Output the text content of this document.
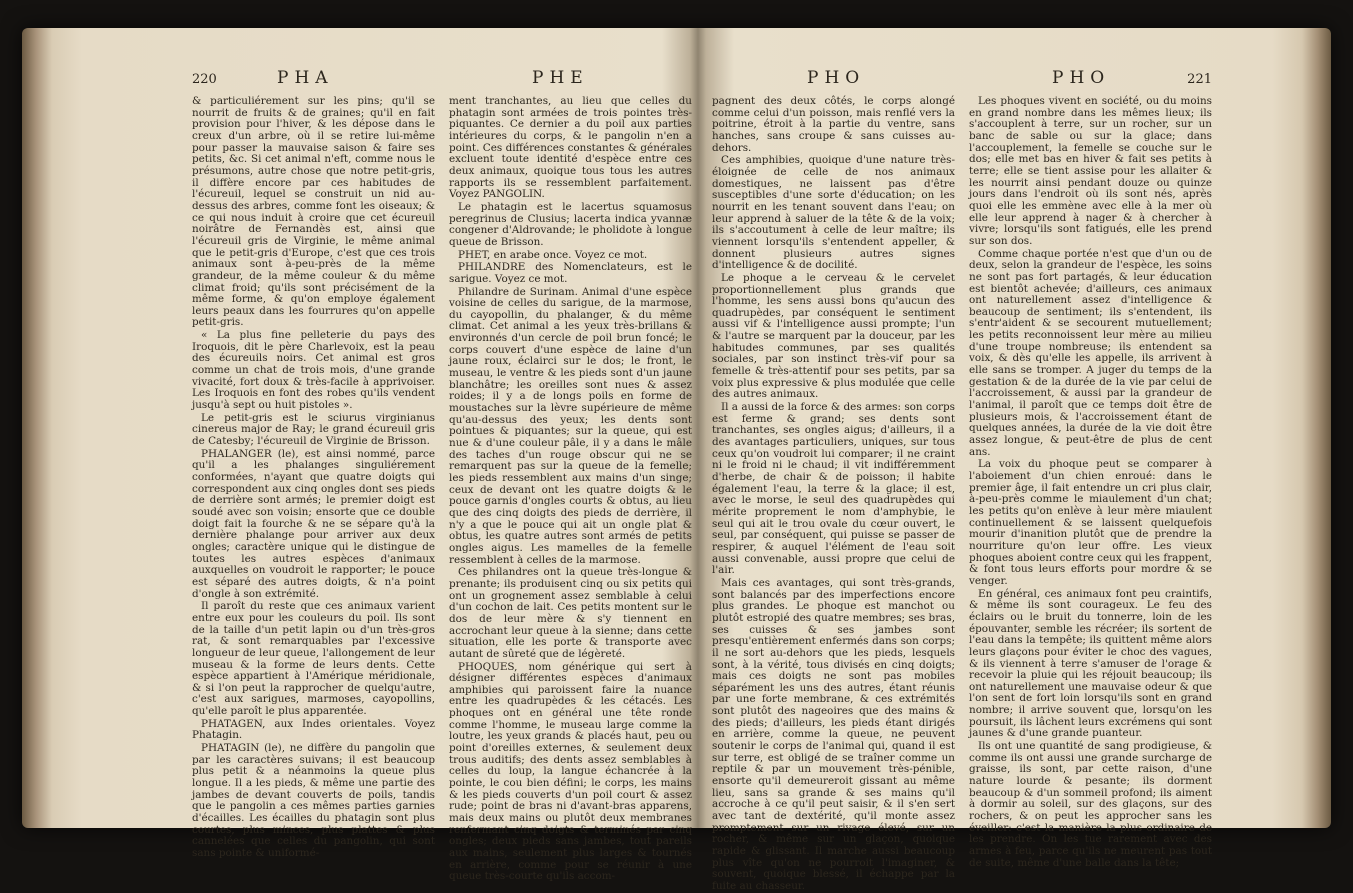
220	PHA	PHE

& particuliérement sur les pins; qu'il se nourrit de fruits & de graines; qu'il en fait provision pour l'hiver, & les dépose dans le creux d'un arbre, où il se retire lui-même pour passer la mauvaise saison & faire ses petits, &c. Si cet animal n'eft, comme nous le présumons, autre chose que notre petit-gris, il diffère encore par ces habitudes de l'écureuil, lequel se construit un nid au-dessus des arbres, comme font les oiseaux; & ce qui nous induit à croire que cet écureuil noirâtre de Fernandès est, ainsi que l'écureuil gris de Virginie, le même animal que le petit-gris d'Europe, c'est que ces trois animaux sont à-peu-près de la même grandeur, de la même couleur & du même climat froid; qu'ils sont précisément de la même forme, & qu'on employe également leurs peaux dans les fourrures qu'on appelle petit-gris.

« La plus fine pelleterie du pays des Iroquois, dit le père Charlevoix, est la peau des écureuils noirs. Cet animal est gros comme un chat de trois mois, d'une grande vivacité, fort doux & très-facile à apprivoiser. Les Iroquois en font des robes qu'ils vendent jusqu'à sept ou huit pistoles ».

Le petit-gris est le sciurus virginianus cinereus major de Ray; le grand écureuil gris de Catesby; l'écureuil de Virginie de Brisson.

PHALANGER (le), est ainsi nommé, parce qu'il a les phalanges singuliérement conformées, n'ayant que quatre doigts qui correspondent aux cinq ongles dont ses pieds de derrière sont armés; le premier doigt est soudé avec son voisin; ensorte que ce double doigt fait la fourche & ne se sépare qu'à la dernière phalange pour arriver aux deux ongles; caractère unique qui le distingue de toutes les autres espèces d'animaux auxquelles on voudroit le rapporter; le pouce est séparé des autres doigts, & n'a point d'ongle à son extrémité.

Il paroît du reste que ces animaux varient entre eux pour les couleurs du poil. Ils sont de la taille d'un petit lapin ou d'un très-gros rat, & sont remarquables par l'excessive longueur de leur queue, l'allongement de leur museau & la forme de leurs dents. Cette espèce appartient à l'Amérique méridionale, & si l'on peut la rapprocher de quelqu'autre, c'est aux sarigues, marmoses, cayopollins, qu'elle paroît le plus apparentée.

PHATAGEN, aux Indes orientales. Voyez Phatagin.

PHATAGIN (le), ne diffère du pangolin que par les caractères suivans; il est beaucoup plus petit & a néanmoins la queue plus longue. Il a les pieds, & même une partie des jambes de devant couverts de poils, tandis que le pangolin a ces mêmes parties garnies d'écailles. Les écailles du phatagin sont plus courtes, plus minces, plus plattes & plus cannelées que celles du pangolin, qui sont sans pointe & uniformé-

ment tranchantes, au lieu que celles du phatagin sont armées de trois pointes très-piquantes. Ce dernier a du poil aux parties intérieures du corps, & le pangolin n'en a point. Ces différences constantes & générales excluent toute identité d'espèce entre ces deux animaux, quoique tous tous les autres rapports ils se ressemblent parfaitement. Voyez PANGOLIN.

Le phatagin est le lacertus squamosus peregrinus de Clusius; lacerta indica yvannæ congener d'Aldrovande; le pholidote à longue queue de Brisson.

PHET, en arabe once. Voyez ce mot.

PHILANDRE des Nomenclateurs, est le sarigue. Voyez ce mot.

Philandre de Surinam. Animal d'une espèce voisine de celles du sarigue, de la marmose, du cayopollin, du phalanger, & du même climat. Cet animal a les yeux très-brillans & environnés d'un cercle de poil brun foncé; le corps couvert d'une espèce de laine d'un jaune roux, éclairci sur le dos; le front, le museau, le ventre & les pieds sont d'un jaune blanchâtre; les oreilles sont nues & assez roides; il y a de longs poils en forme de moustaches sur la lèvre supérieure de même qu'au-dessus des yeux; les dents sont pointues & piquantes; sur la queue, qui est nue & d'une couleur pâle, il y a dans le mâle des taches d'un rouge obscur qui ne se remarquent pas sur la queue de la femelle; les pieds ressemblent aux mains d'un singe; ceux de devant ont les quatre doigts & le pouce garnis d'ongles courts & obtus, au lieu que des cinq doigts des pieds de derrière, il n'y a que le pouce qui ait un ongle plat & obtus, les quatre autres sont armés de petits ongles aigus. Les mamelles de la femelle ressemblent à celles de la marmose.

Ces philandres ont la queue très-longue & prenante; ils produisent cinq ou six petits qui ont un grognement assez semblable à celui d'un cochon de lait. Ces petits montent sur le dos de leur mère & s'y tiennent en accrochant leur queue à la sienne; dans cette situation, elle les porte & transporte avec autant de sûreté que de légèreté.

PHOQUES, nom générique qui sert à désigner différentes espèces d'animaux amphibies qui paroissent faire la nuance entre les quadrupèdes & les cétacés. Les phoques ont en général une tête ronde comme l'homme, le museau large comme la loutre, les yeux grands & placés haut, peu ou point d'oreilles externes, & seulement deux trous auditifs; des dents assez semblables à celles du loup, la langue échancrée à la pointe, le cou bien défini; le corps, les mains & les pieds couverts d'un poil court & assez rude; point de bras ni d'avant-bras apparens, mais deux mains ou plutôt deux membranes renfermant cinq doigts & terminés par cinq ongles; deux pieds sans jambes, tout pareils aux mains, seulement plus larges & tournés en arrière, comme pour se réunir à une queue très-courte qu'ils accom-

PHO	PHO	221

pagnent des deux côtés, le corps alongé comme celui d'un poisson, mais renflé vers la poitrine, étroit à la partie du ventre, sans hanches, sans croupe & sans cuisses au-dehors.

Ces amphibies, quoique d'une nature très-éloignée de celle de nos animaux domestiques, ne laissent pas d'être susceptibles d'une sorte d'éducation; on les nourrit en les tenant souvent dans l'eau; on leur apprend à saluer de la tête & de la voix; ils s'accoutument à celle de leur maître; ils viennent lorsqu'ils s'entendent appeller, & donnent plusieurs autres signes d'intelligence & de docilité.

Le phoque a le cerveau & le cervelet proportionnellement plus grands que l'homme, les sens aussi bons qu'aucun des quadrupèdes, par conséquent le sentiment aussi vif & l'intelligence aussi prompte; l'un & l'autre se marquent par la douceur, par les habitudes communes, par ses qualités sociales, par son instinct très-vif pour sa femelle & très-attentif pour ses petits, par sa voix plus expressive & plus modulée que celle des autres animaux.

Il a aussi de la force & des armes: son corps est ferme & grand; ses dents sont tranchantes, ses ongles aigus; d'ailleurs, il a des avantages particuliers, uniques, sur tous ceux qu'on voudroit lui comparer; il ne craint ni le froid ni le chaud; il vit indifféremment d'herbe, de chair & de poisson; il habite également l'eau, la terre & la glace; il est, avec le morse, le seul des quadrupèdes qui mérite proprement le nom d'amphybie, le seul qui ait le trou ovale du cœur ouvert, le seul, par conséquent, qui puisse se passer de respirer, & auquel l'élément de l'eau soit aussi convenable, aussi propre que celui de l'air.

Mais ces avantages, qui sont très-grands, sont balancés par des imperfections encore plus grandes. Le phoque est manchot ou plutôt estropié des quatre membres; ses bras, ses cuisses & ses jambes sont presqu'entièrement enfermés dans son corps; il ne sort au-dehors que les pieds, lesquels sont, à la vérité, tous divisés en cinq doigts; mais ces doigts ne sont pas mobiles séparément les uns des autres, étant réunis par une forte membrane, & ces extrémités sont plutôt des nageoires que des mains & des pieds; d'ailleurs, les pieds étant dirigés en arrière, comme la queue, ne peuvent soutenir le corps de l'animal qui, quand il est sur terre, est obligé de se traîner comme un reptile & par un mouvement très-pénible, ensorte qu'il demeureroit gissant au même lieu, sans sa grande & ses mains qu'il accroche à ce qu'il peut saisir, & il s'en sert avec tant de dextérité, qu'il monte assez promptement sur un rivage élevé, sur un rocher, & même sur un glaçon, quoique rapide & glissant. Il marche aussi beaucoup plus vîte qu'on ne pourroit l'imaginer, & souvent, quoique blessé, il échappe par la fuite au chasseur.

Les phoques vivent en société, ou du moins en grand nombre dans les mêmes lieux; ils s'accouplent à terre, sur un rocher, sur un banc de sable ou sur la glace; dans l'accouplement, la femelle se couche sur le dos; elle met bas en hiver & fait ses petits à terre; elle se tient assise pour les allaiter & les nourrit ainsi pendant douze ou quinze jours dans l'endroit où ils sont nés, après quoi elle les emmène avec elle à la mer où elle leur apprend à nager & à chercher à vivre; lorsqu'ils sont fatigués, elle les prend sur son dos.

Comme chaque portée n'est que d'un ou de deux, selon la grandeur de l'espèce, les soins ne sont pas fort partagés, & leur éducation est bientôt achevée; d'ailleurs, ces animaux ont naturellement assez d'intelligence & beaucoup de sentiment; ils s'entendent, ils s'entr'aident & se secourent mutuellement; les petits reconnoissent leur mère au milieu d'une troupe nombreuse; ils entendent sa voix, & dès qu'elle les appelle, ils arrivent à elle sans se tromper. A juger du temps de la gestation & de la durée de la vie par celui de l'accroissement, & aussi par la grandeur de l'animal, il paroît que ce temps doit être de plusieurs mois, & l'accroissement étant de quelques années, la durée de la vie doit être assez longue, & peut-être de plus de cent ans.

La voix du phoque peut se comparer à l'aboiement d'un chien enroué: dans le premier âge, il fait entendre un cri plus clair, à-peu-près comme le miaulement d'un chat; les petits qu'on enlève à leur mère miaulent continuellement & se laissent quelquefois mourir d'inanition plutôt que de prendre la nourriture qu'on leur offre. Les vieux phoques aboient contre ceux qui les frappent, & font tous leurs efforts pour mordre & se venger.

En général, ces animaux font peu craintifs, & même ils sont courageux. Le feu des éclairs ou le bruit du tonnerre, loin de les épouvanter, semble les récréer; ils sortent de l'eau dans la tempête; ils quittent même alors leurs glaçons pour éviter le choc des vagues, & ils viennent à terre s'amuser de l'orage & recevoir la pluie qui les réjouit beaucoup; ils ont naturellement une mauvaise odeur & que l'on sent de fort loin lorsqu'ils sont en grand nombre; il arrive souvent que, lorsqu'on les poursuit, ils lâchent leurs excrémens qui sont jaunes & d'une grande puanteur.

Ils ont une quantité de sang prodigieuse, & comme ils ont aussi une grande surcharge de graisse, ils sont, par cette raison, d'une nature lourde & pesante; ils dorment beaucoup & d'un sommeil profond; ils aiment à dormir au soleil, sur des glaçons, sur des rochers, & on peut les approcher sans les éveiller: c'est la manière la plus ordinaire de les prendre. On les tue rarement avec des armes à feu, parce qu'ils ne meurent pas tout de suite, même d'une balle dans la tête;
